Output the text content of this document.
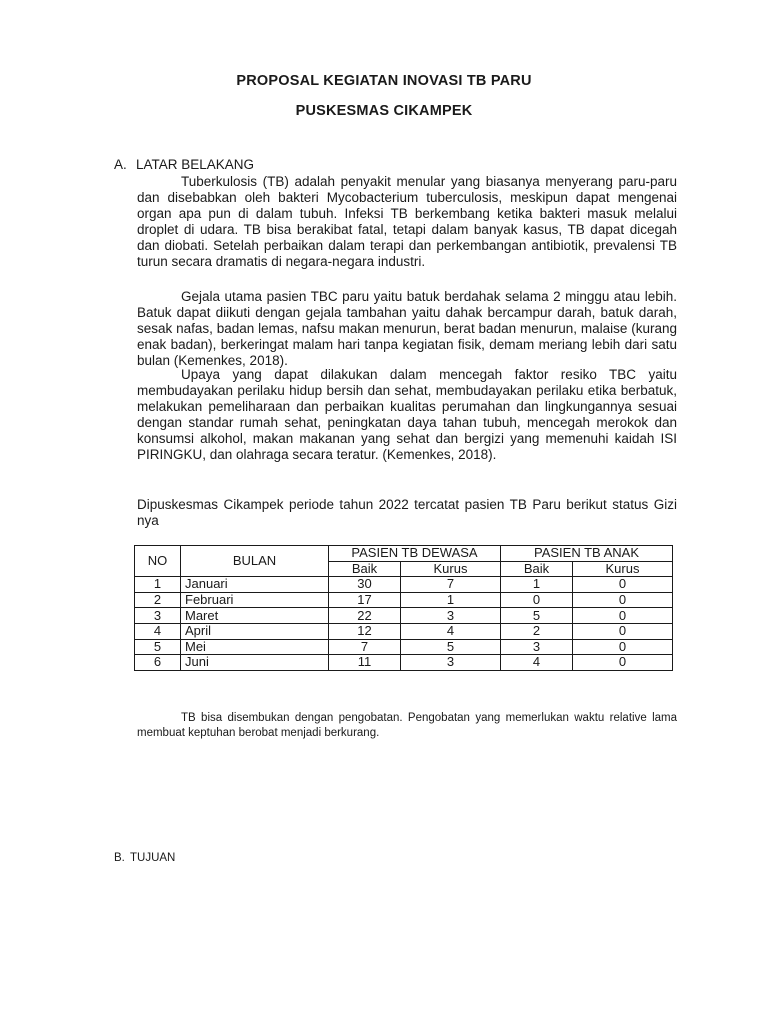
PROPOSAL KEGIATAN INOVASI TB PARU
PUSKESMAS CIKAMPEK
A. LATAR BELAKANG

Tuberkulosis (TB) adalah penyakit menular yang biasanya menyerang paru-paru dan disebabkan oleh bakteri Mycobacterium tuberculosis, meskipun dapat mengenai organ apa pun di dalam tubuh. Infeksi TB berkembang ketika bakteri masuk melalui droplet di udara. TB bisa berakibat fatal, tetapi dalam banyak kasus, TB dapat dicegah dan diobati. Setelah perbaikan dalam terapi dan perkembangan antibiotik, prevalensi TB turun secara dramatis di negara-negara industri.

Gejala utama pasien TBC paru yaitu batuk berdahak selama 2 minggu atau lebih. Batuk dapat diikuti dengan gejala tambahan yaitu dahak bercampur darah, batuk darah, sesak nafas, badan lemas, nafsu makan menurun, berat badan menurun, malaise (kurang enak badan), berkeringat malam hari tanpa kegiatan fisik, demam meriang lebih dari satu bulan (Kemenkes, 2018).

Upaya yang dapat dilakukan dalam mencegah faktor resiko TBC yaitu membudayakan perilaku hidup bersih dan sehat, membudayakan perilaku etika berbatuk, melakukan pemeliharaan dan perbaikan kualitas perumahan dan lingkungannya sesuai dengan standar rumah sehat, peningkatan daya tahan tubuh, mencegah merokok dan konsumsi alkohol, makan makanan yang sehat dan bergizi yang memenuhi kaidah ISI PIRINGKU, dan olahraga secara teratur. (Kemenkes, 2018).

Dipuskesmas Cikampek periode tahun 2022 tercatat pasien TB Paru berikut status Gizi nya

NO	BULAN	PASIEN TB DEWASA		PASIEN TB ANAK	
		Baik	Kurus	Baik	Kurus
1	Januari	30	7	1	0
2	Februari	17	1	0	0
3	Maret	22	3	5	0
4	April	12	4	2	0
5	Mei	7	5	3	0
6	Juni	11	3	4	0

TB bisa disembukan dengan pengobatan. Pengobatan yang memerlukan waktu relative lama membuat keptuhan berobat menjadi berkurang.

B. TUJUAN
